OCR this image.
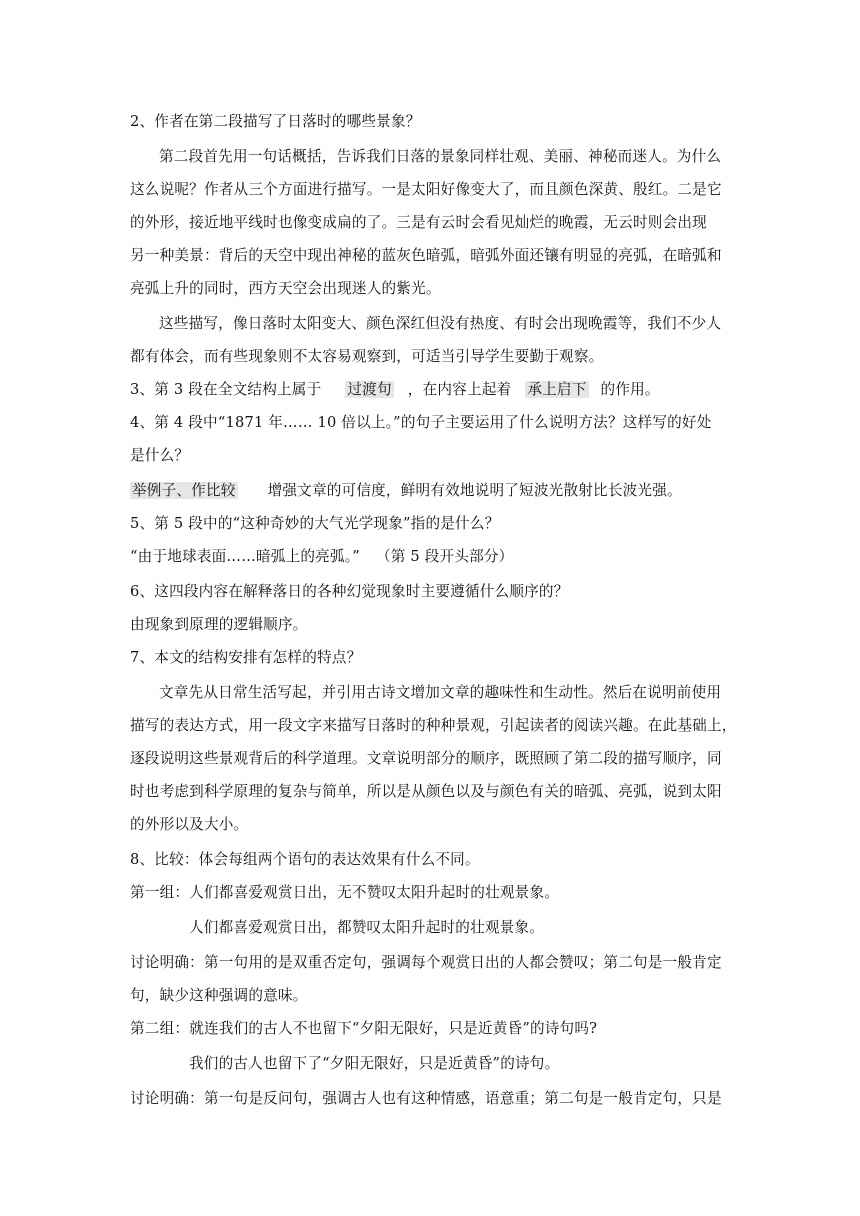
2、作者在第二段描写了日落时的哪些景象？
第二段首先用一句话概括，告诉我们日落的景象同样壮观、美丽、神秘而迷人。为什么
这么说呢？作者从三个方面进行描写。一是太阳好像变大了，而且颜色深黄、殷红。二是它
的外形，接近地平线时也像变成扁的了。三是有云时会看见灿烂的晚霞，无云时则会出现
另一种美景：背后的天空中现出神秘的蓝灰色暗弧，暗弧外面还镶有明显的亮弧，在暗弧和
亮弧上升的同时，西方天空会出现迷人的紫光。
这些描写，像日落时太阳变大、颜色深红但没有热度、有时会出现晚霞等，我们不少人
都有体会，而有些现象则不太容易观察到，可适当引导学生要勤于观察。
3、第 3 段在全文结构上属于 过渡句 ，在内容上起着 承上启下 的作用。
4、第 4 段中“1871 年…… 10 倍以上。”的句子主要运用了什么说明方法？这样写的好处
是什么？
举例子、作比较 增强文章的可信度，鲜明有效地说明了短波光散射比长波光强。
5、第 5 段中的“这种奇妙的大气光学现象”指的是什么？
“由于地球表面……暗弧上的亮弧。” （第 5 段开头部分）
6、这四段内容在解释落日的各种幻觉现象时主要遵循什么顺序的？
由现象到原理的逻辑顺序。
7、本文的结构安排有怎样的特点？
文章先从日常生活写起，并引用古诗文增加文章的趣味性和生动性。然后在说明前使用
描写的表达方式，用一段文字来描写日落时的种种景观，引起读者的阅读兴趣。在此基础上，
逐段说明这些景观背后的科学道理。文章说明部分的顺序，既照顾了第二段的描写顺序，同
时也考虑到科学原理的复杂与简单，所以是从颜色以及与颜色有关的暗弧、亮弧，说到太阳
的外形以及大小。
8、比较：体会每组两个语句的表达效果有什么不同。
第一组：人们都喜爱观赏日出，无不赞叹太阳升起时的壮观景象。
人们都喜爱观赏日出，都赞叹太阳升起时的壮观景象。
讨论明确：第一句用的是双重否定句，强调每个观赏日出的人都会赞叹；第二句是一般肯定
句，缺少这种强调的意味。
第二组：就连我们的古人不也留下“夕阳无限好，只是近黄昏”的诗句吗?
我们的古人也留下了“夕阳无限好，只是近黄昏”的诗句。
讨论明确：第一句是反问句，强调古人也有这种情感，语意重；第二句是一般肯定句，只是
